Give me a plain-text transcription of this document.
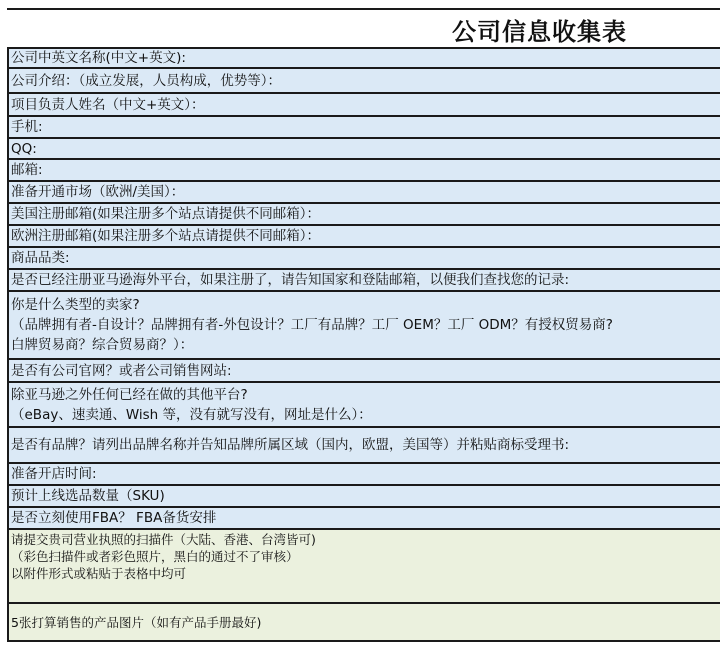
公司信息收集表
公司中英文名称(中文+英文):
公司介绍：（成立发展，人员构成，优势等）：
项目负责人姓名（中文+英文）：
手机:
QQ:
邮箱:
准备开通市场（欧洲/美国）：
美国注册邮箱(如果注册多个站点请提供不同邮箱）：
欧洲注册邮箱(如果注册多个站点请提供不同邮箱）：
商品品类:
是否已经注册亚马逊海外平台，如果注册了，请告知国家和登陆邮箱，以便我们查找您的记录:
你是什么类型的卖家?
（品牌拥有者-自设计？品牌拥有者-外包设计？工厂有品牌？工厂 OEM？工厂 ODM？有授权贸易商?
白牌贸易商？综合贸易商？）：
是否有公司官网？或者公司销售网站:
除亚马逊之外任何已经在做的其他平台?
（eBay、速卖通、Wish 等，没有就写没有，网址是什么）：
是否有品牌？请列出品牌名称并告知品牌所属区域（国内，欧盟，美国等）并粘贴商标受理书:
准备开店时间:
预计上线选品数量（SKU)
是否立刻使用FBA？ FBA备货安排
请提交贵司营业执照的扫描件（大陆、香港、台湾皆可)
（彩色扫描件或者彩色照片，黑白的通过不了审核）
以附件形式或粘贴于表格中均可
5张打算销售的产品图片（如有产品手册最好)
